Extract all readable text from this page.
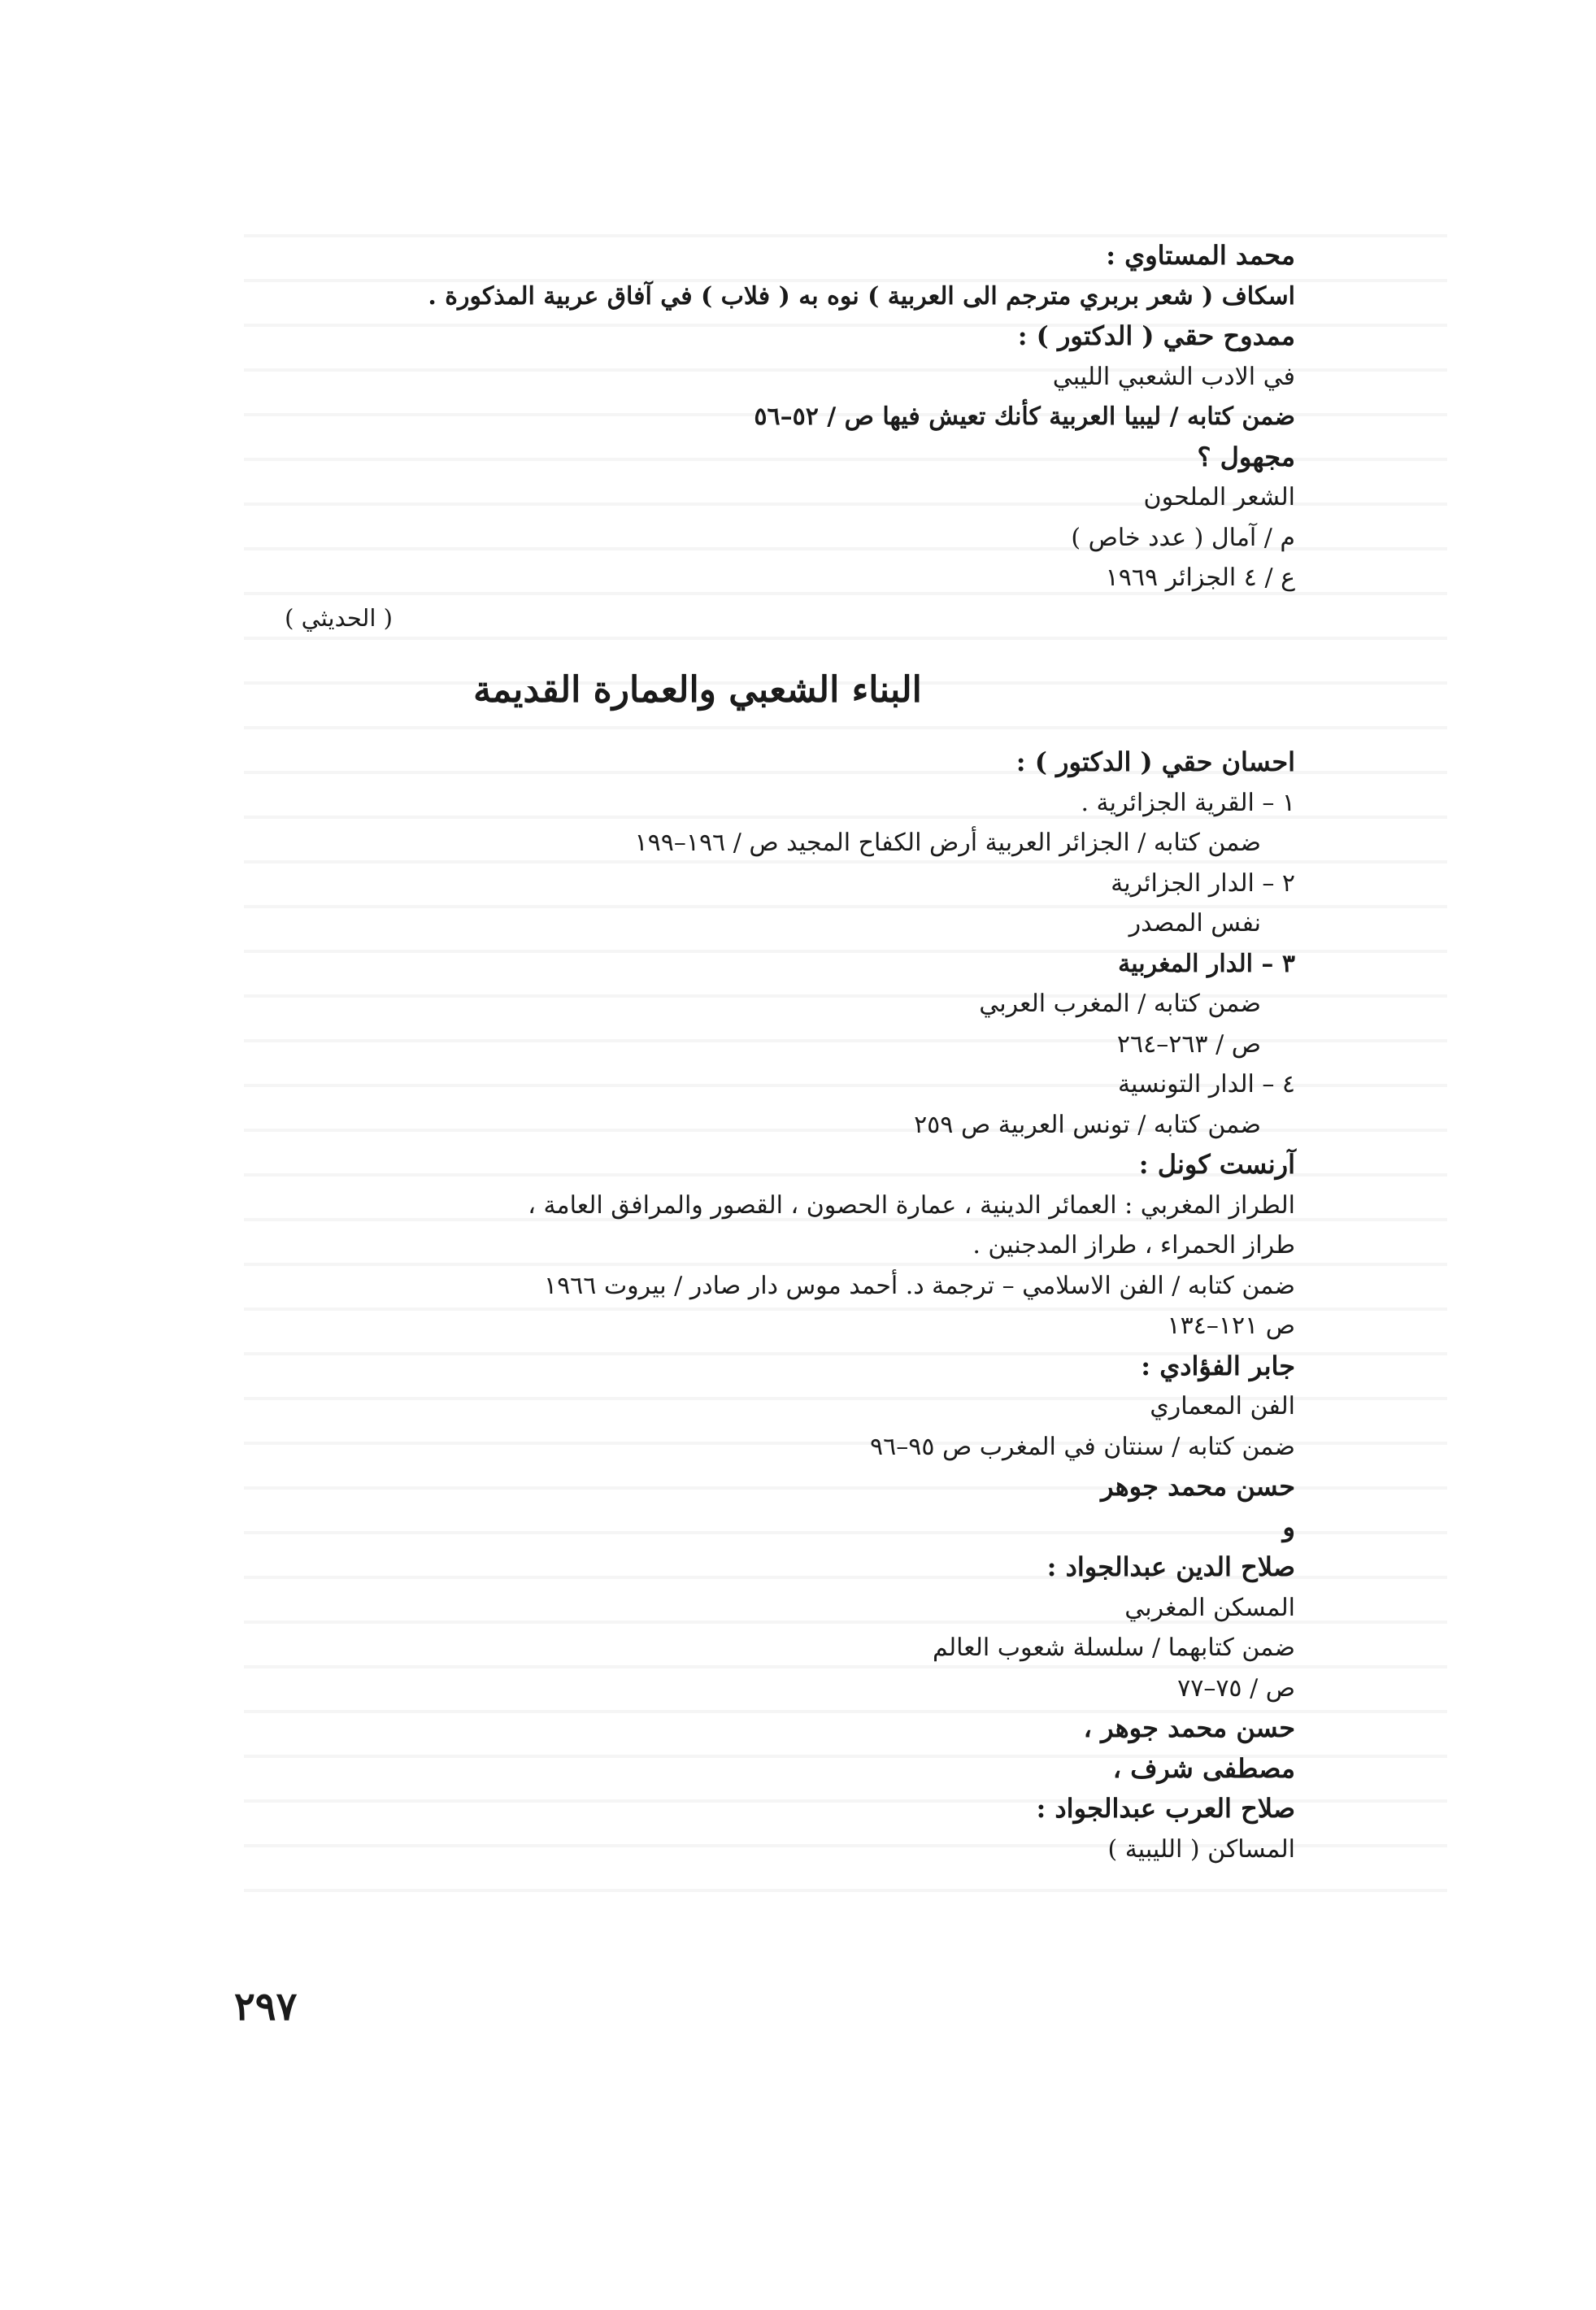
محمد المستاوي :
اسكاف ( شعر بربري مترجم الى العربية ) نوه به ( فلاب ) في آفاق عربية المذكورة .
ممدوح حقي ( الدكتور ) :
في الادب الشعبي الليبي
ضمن كتابه / ليبيا العربية كأنك تعيش فيها ص / ٥٢–٥٦
مجهول ؟
الشعر الملحون
م / آمال ( عدد خاص )
ع / ٤ الجزائر ١٩٦٩
( الحديثي )
البناء الشعبي والعمارة القديمة
احسان حقي ( الدكتور ) :
١ – القرية الجزائرية .
ضمن كتابه / الجزائر العربية أرض الكفاح المجيد ص / ١٩٦–١٩٩
٢ – الدار الجزائرية
نفس المصدر
٣ – الدار المغربية
ضمن كتابه / المغرب العربي
ص / ٢٦٣–٢٦٤
٤ – الدار التونسية
ضمن كتابه / تونس العربية ص ٢٥٩
آرنست كونل :
الطراز المغربي : العمائر الدينية ، عمارة الحصون ، القصور والمرافق العامة ،
طراز الحمراء ، طراز المدجنين .
ضمن كتابه / الفن الاسلامي – ترجمة د. أحمد موس دار صادر / بيروت ١٩٦٦
ص ١٢١–١٣٤
جابر الفؤادي :
الفن المعماري
ضمن كتابه / سنتان في المغرب ص ٩٥–٩٦
حسن محمد جوهر
و
صلاح الدين عبدالجواد :
المسكن المغربي
ضمن كتابهما / سلسلة شعوب العالم
ص / ٧٥–٧٧
حسن محمد جوهر ،
مصطفى شرف ،
صلاح العرب عبدالجواد :
المساكن ( الليبية )
٢٩٧
